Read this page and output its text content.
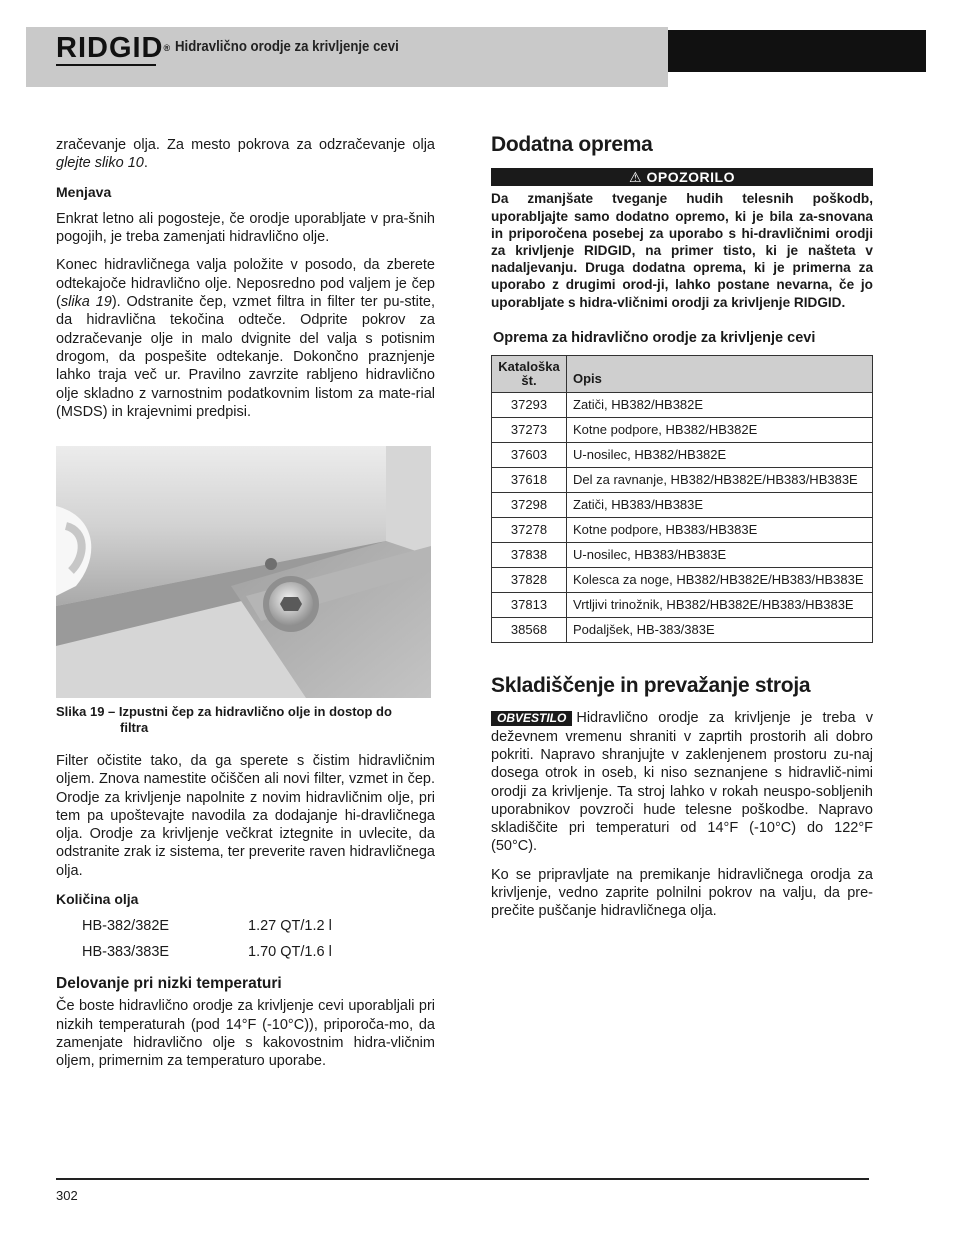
RIDGID® Hidravlično orodje za krivljenje cevi

zračevanje olja. Za mesto pokrova za odzračevanje olja glejte sliko 10.

Menjava

Enkrat letno ali pogosteje, če orodje uporabljate v pra-šnih pogojih, je treba zamenjati hidravlično olje.

Konec hidravličnega valja položite v posodo, da zberete odtekajoče hidravlično olje. Neposredno pod valjem je čep (slika 19). Odstranite čep, vzmet filtra in filter ter pu-stite, da hidravlična tekočina odteče. Odprite pokrov za odzračevanje olje in malo dvignite del valja s potisnim drogom, da pospešite odtekanje. Dokončno praznjenje lahko traja več ur. Pravilno zavrzite rabljeno hidravlično olje skladno z varnostnim podatkovnim listom za mate-rial (MSDS) in krajevnimi predpisi.

Slika 19 – Izpustni čep za hidravlično olje in dostop do
filtra

Filter očistite tako, da ga sperete s čistim hidravličnim oljem. Znova namestite očiščen ali novi filter, vzmet in čep. Orodje za krivljenje napolnite z novim hidravličnim olje, pri tem pa upoštevajte navodila za dodajanje hi-dravličnega olja. Orodje za krivljenje večkrat iztegnite in uvlecite, da odstranite zrak iz sistema, ter preverite raven hidravličnega olja.

Količina olja
HB-382/382E	1.27 QT/1.2 l
HB-383/383E	1.70 QT/1.6 l
Delovanje pri nizki temperaturi

Če boste hidravlično orodje za krivljenje cevi uporabljali pri nizkih temperaturah (pod 14°F (-10°C)), priporoča-mo, da zamenjate hidravlično olje s kakovostnim hidra-vličnim oljem, primernim za temperaturo uporabe.

Dodatna oprema
⚠ OPOZORILO
Da zmanjšate tveganje hudih telesnih poškodb, uporabljajte samo dodatno opremo, ki je bila za-snovana in priporočena posebej za uporabo s hi-dravličnimi orodji za krivljenje RIDGID, na primer tisto, ki je našteta v nadaljevanju. Druga dodatna oprema, ki je primerna za uporabo z drugimi orod-ji, lahko postane nevarna, če jo uporabljate s hidra-vličnimi orodji za krivljenje RIDGID.
Oprema za hidravlično orodje za krivljenje cevi
Kataloška
št.	Opis
37293	Zatiči, HB382/HB382E
37273	Kotne podpore, HB382/HB382E
37603	U-nosilec, HB382/HB382E
37618	Del za ravnanje, HB382/HB382E/HB383/HB383E
37298	Zatiči, HB383/HB383E
37278	Kotne podpore, HB383/HB383E
37838	U-nosilec, HB383/HB383E
37828	Kolesca za noge, HB382/HB382E/HB383/HB383E
37813	Vrtljivi trinožnik, HB382/HB382E/HB383/HB383E
38568	Podaljšek, HB-383/383E
Skladiščenje in prevažanje stroja

OBVESTILO Hidravlično orodje za krivljenje je treba v deževnem vremenu shraniti v zaprtih prostorih ali dobro pokriti. Napravo shranjujte v zaklenjenem prostoru zu-naj dosega otrok in oseb, ki niso seznanjene s hidravlič-nimi orodji za krivljenje. Ta stroj lahko v rokah neuspo-sobljenih uporabnikov povzroči hude telesne poškodbe. Napravo skladiščite pri temperaturi od 14°F (-10°C) do 122°F (50°C).

Ko se pripravljate na premikanje hidravličnega orodja za krivljenje, vedno zaprite polnilni pokrov na valju, da pre-prečite puščanje hidravličnega olja.

302
